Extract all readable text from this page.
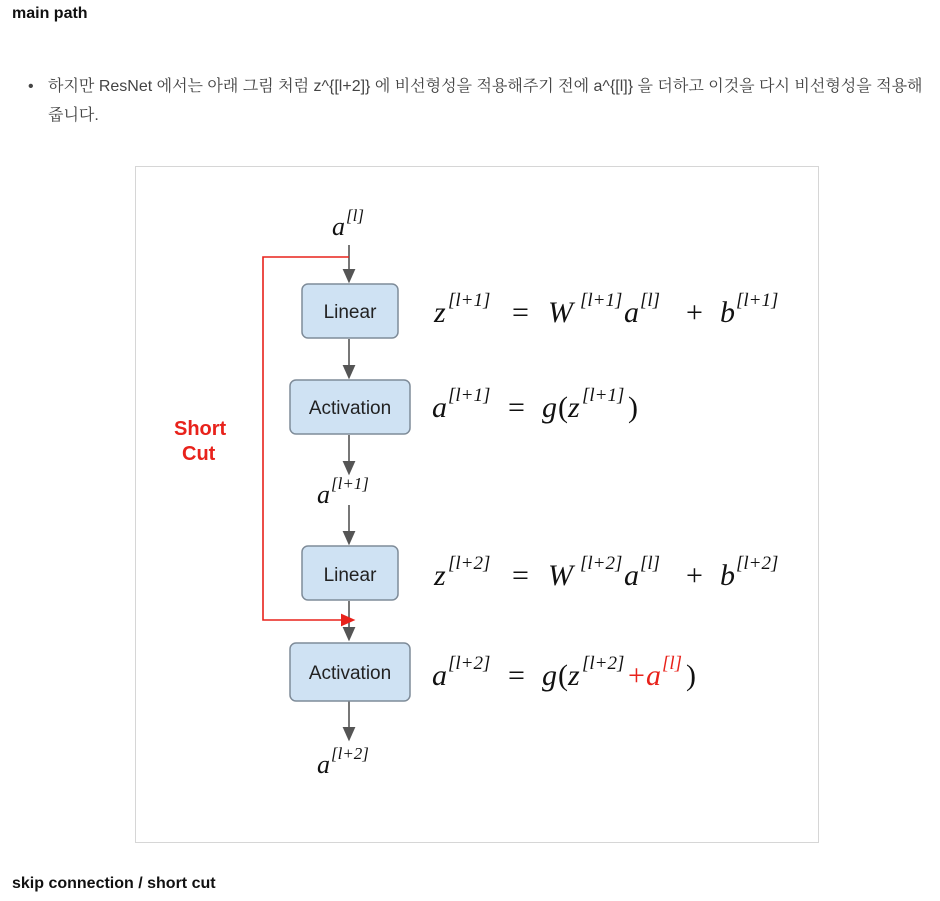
main path
• 하지만 ResNet 에서는 아래 그림 처럼 z^{[l+2]} 에 비선형성을 적용해주기 전에 a^{[l]} 을 더하고 이것을 다시 비선형성을 적용해줍니다.
a [l]
Short
Cut
Linear
Activation
Linear
Activation
a [l+1]
a [l+2]
z [l+1] = W [l+1] a [l] + b [l+1]
a [l+1] = g ( z [l+1] )
z [l+2] = W [l+2] a [l] + b [l+2]
a [l+2] = g ( z [l+2] + a [l] )
skip connection / short cut
